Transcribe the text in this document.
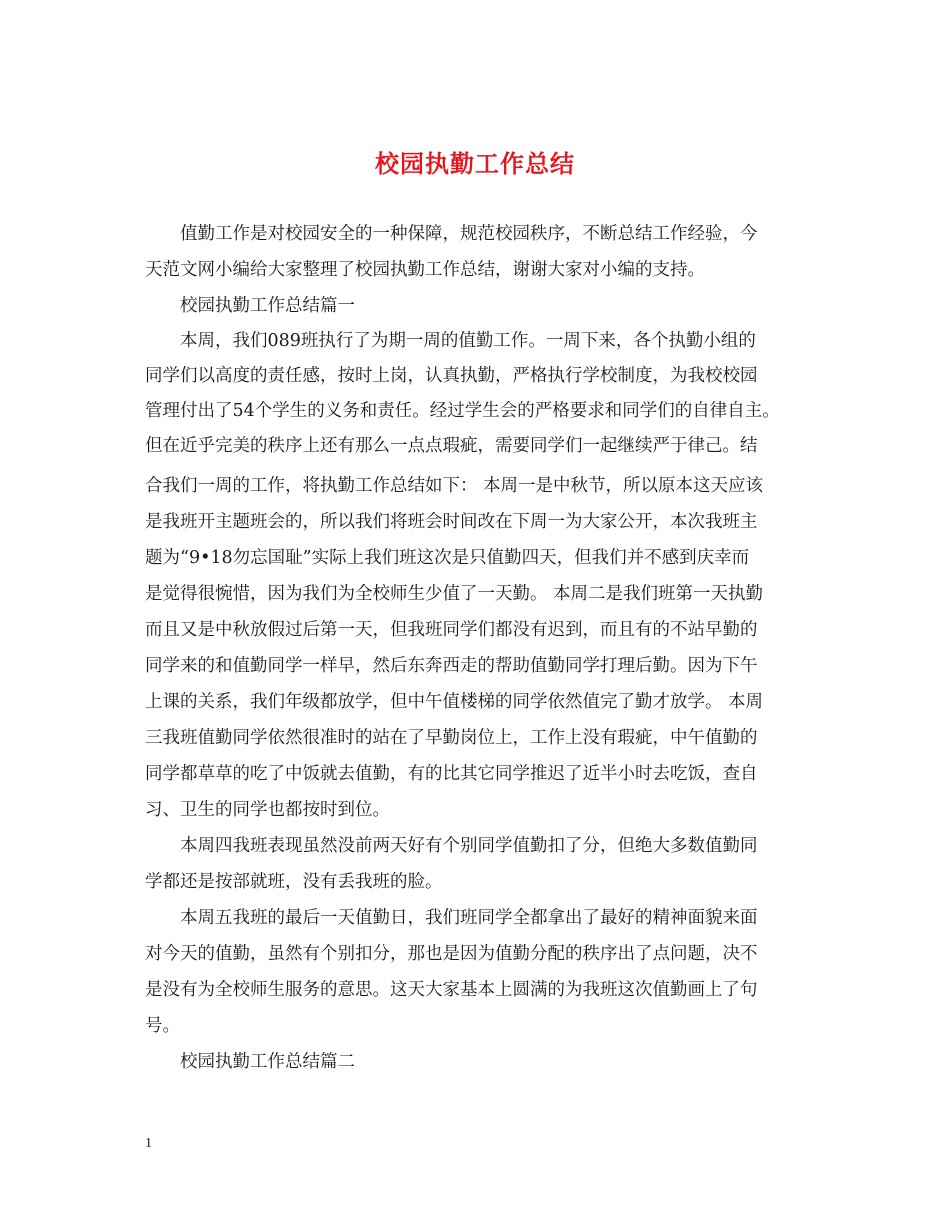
校园执勤工作总结
值勤工作是对校园安全的一种保障，规范校园秩序，不断总结工作经验，今
天范文网小编给大家整理了校园执勤工作总结，谢谢大家对小编的支持。
校园执勤工作总结篇一
本周，我们089班执行了为期一周的值勤工作。一周下来，各个执勤小组的
同学们以高度的责任感，按时上岗，认真执勤，严格执行学校制度，为我校校园
管理付出了54个学生的义务和责任。经过学生会的严格要求和同学们的自律自主。
但在近乎完美的秩序上还有那么一点点瑕疵，需要同学们一起继续严于律己。结
合我们一周的工作，将执勤工作总结如下： 本周一是中秋节，所以原本这天应该
是我班开主题班会的，所以我们将班会时间改在下周一为大家公开，本次我班主
题为“9•18勿忘国耻”实际上我们班这次是只值勤四天，但我们并不感到庆幸而
是觉得很惋惜，因为我们为全校师生少值了一天勤。 本周二是我们班第一天执勤
而且又是中秋放假过后第一天，但我班同学们都没有迟到，而且有的不站早勤的
同学来的和值勤同学一样早，然后东奔西走的帮助值勤同学打理后勤。因为下午
上课的关系，我们年级都放学，但中午值楼梯的同学依然值完了勤才放学。 本周
三我班值勤同学依然很准时的站在了早勤岗位上，工作上没有瑕疵，中午值勤的
同学都草草的吃了中饭就去值勤，有的比其它同学推迟了近半小时去吃饭，查自
习、卫生的同学也都按时到位。
本周四我班表现虽然没前两天好有个别同学值勤扣了分，但绝大多数值勤同
学都还是按部就班，没有丢我班的脸。
本周五我班的最后一天值勤日，我们班同学全都拿出了最好的精神面貌来面
对今天的值勤，虽然有个别扣分，那也是因为值勤分配的秩序出了点问题，决不
是没有为全校师生服务的意思。这天大家基本上圆满的为我班这次值勤画上了句
号。
校园执勤工作总结篇二
1
